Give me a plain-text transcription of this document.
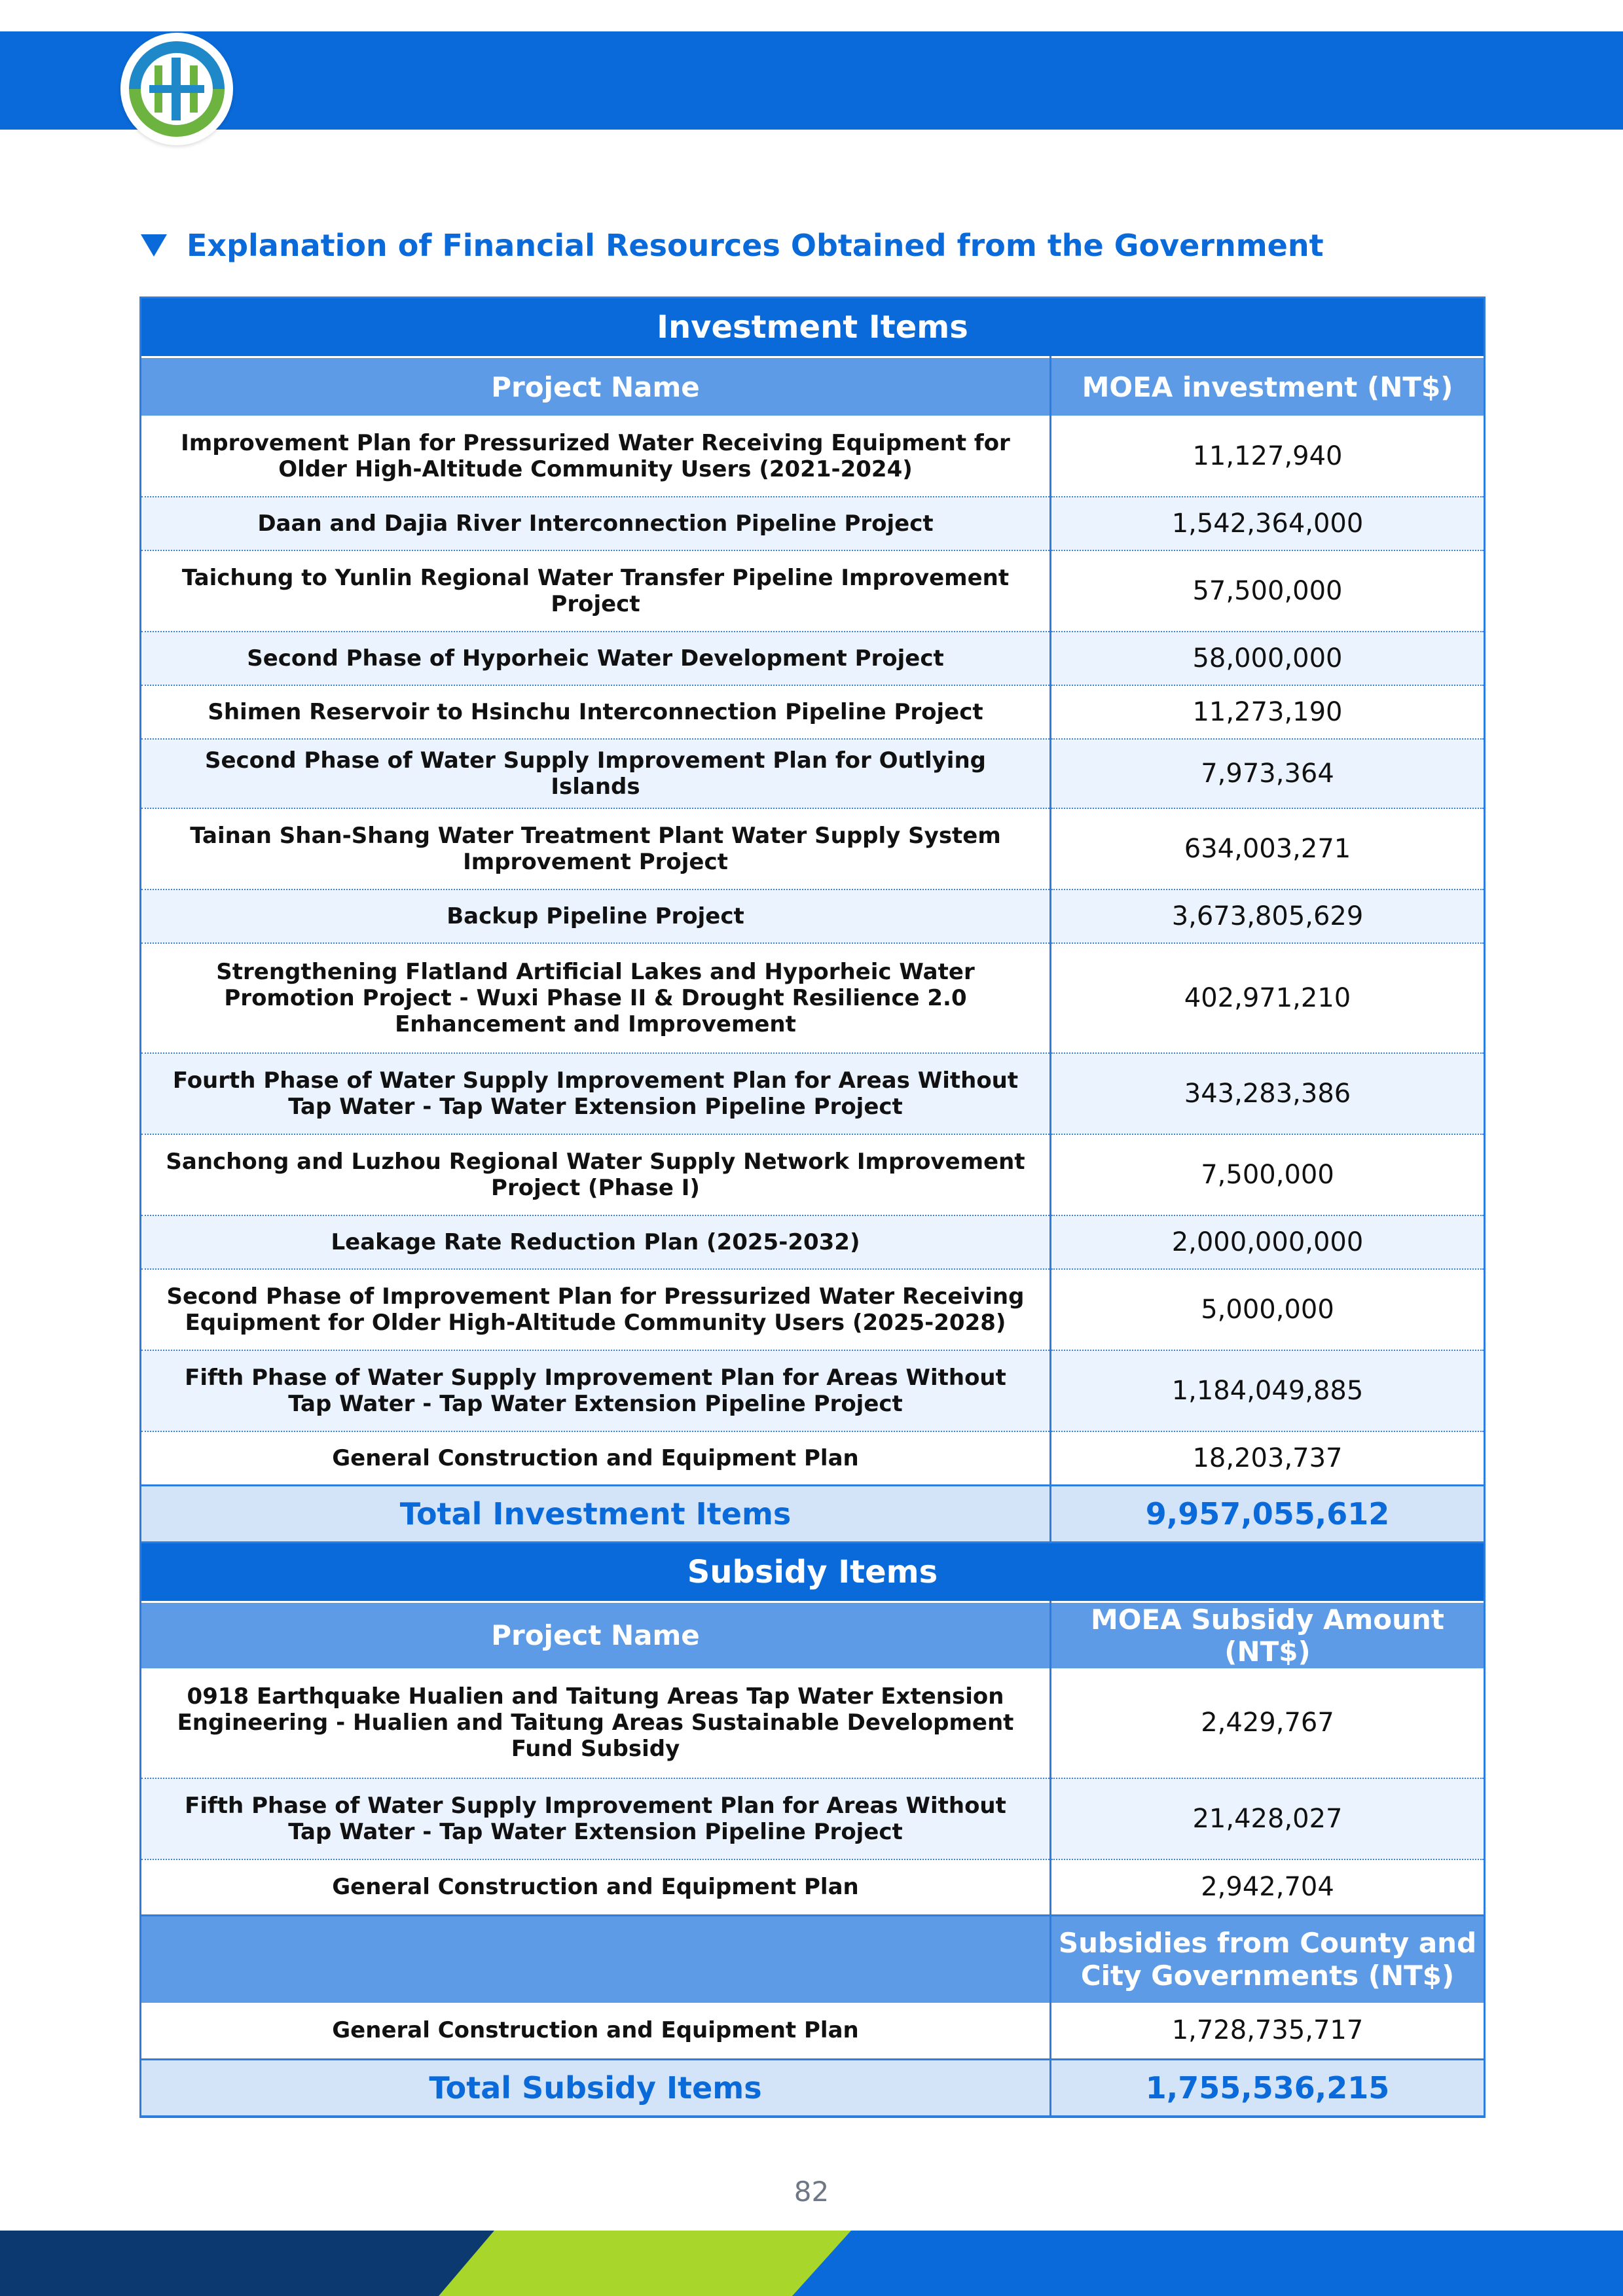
Explanation of Financial Resources Obtained from the Government
Investment Items	
Project Name	MOEA investment (NT$)
Improvement Plan for Pressurized Water Receiving Equipment for Older High-Altitude Community Users (2021-2024)	11,127,940
Daan and Dajia River Interconnection Pipeline Project	1,542,364,000
Taichung to Yunlin Regional Water Transfer Pipeline Improvement Project	57,500,000
Second Phase of Hyporheic Water Development Project	58,000,000
Shimen Reservoir to Hsinchu Interconnection Pipeline Project	11,273,190
Second Phase of Water Supply Improvement Plan for Outlying Islands	7,973,364
Tainan Shan-Shang Water Treatment Plant Water Supply System Improvement Project	634,003,271
Backup Pipeline Project	3,673,805,629
Strengthening Flatland Artificial Lakes and Hyporheic Water Promotion Project - Wuxi Phase II & Drought Resilience 2.0 Enhancement and Improvement	402,971,210
Fourth Phase of Water Supply Improvement Plan for Areas Without Tap Water - Tap Water Extension Pipeline Project	343,283,386
Sanchong and Luzhou Regional Water Supply Network Improvement Project (Phase I)	7,500,000
Leakage Rate Reduction Plan (2025-2032)	2,000,000,000
Second Phase of Improvement Plan for Pressurized Water Receiving Equipment for Older High-Altitude Community Users (2025-2028)	5,000,000
Fifth Phase of Water Supply Improvement Plan for Areas Without Tap Water - Tap Water Extension Pipeline Project	1,184,049,885
General Construction and Equipment Plan	18,203,737
Total Investment Items	9,957,055,612
Subsidy Items	
Project Name	MOEA Subsidy Amount (NT$)
0918 Earthquake Hualien and Taitung Areas Tap Water Extension Engineering - Hualien and Taitung Areas Sustainable Development Fund Subsidy	2,429,767
Fifth Phase of Water Supply Improvement Plan for Areas Without Tap Water - Tap Water Extension Pipeline Project	21,428,027
General Construction and Equipment Plan	2,942,704
	Subsidies from County and City Governments (NT$)
General Construction and Equipment Plan	1,728,735,717
Total Subsidy Items	1,755,536,215
82
